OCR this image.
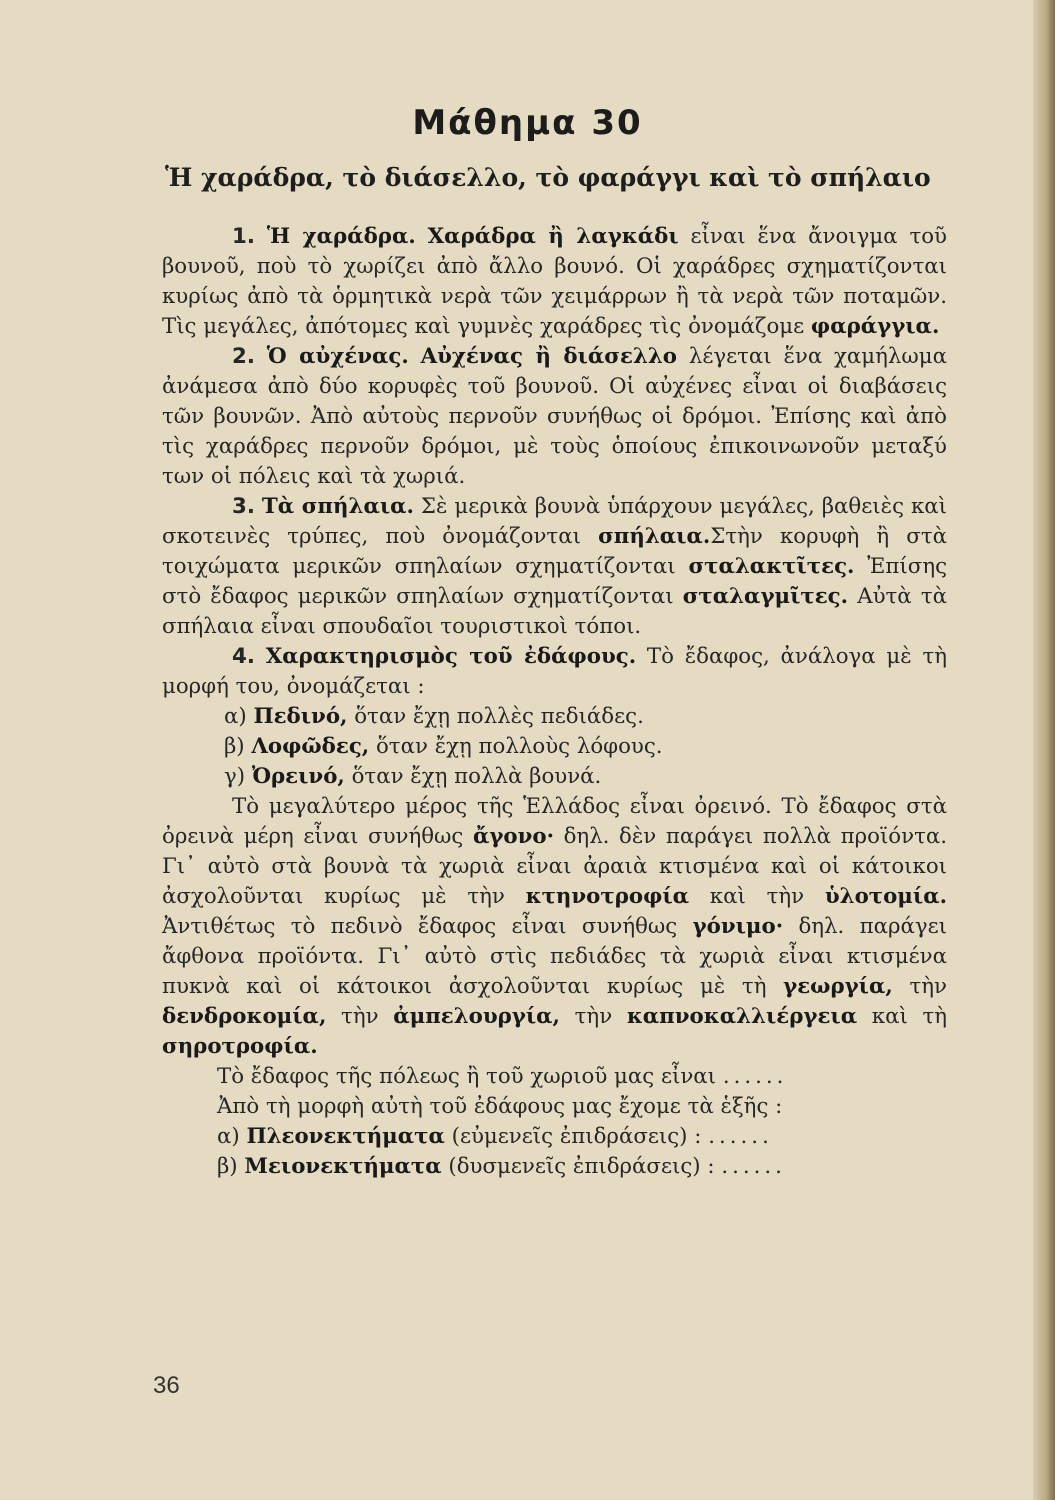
Μάθημα 30
Ἡ χαράδρα, τὸ διάσελλο, τὸ φαράγγι καὶ τὸ σπήλαιο

1. Ἡ χαράδρα. Χαράδρα ἢ λαγκάδι εἶναι ἕνα ἄνοιγμα τοῦ βουνοῦ, ποὺ τὸ χωρίζει ἀπὸ ἄλλο βουνό. Οἱ χαράδρες σχηματίζονται κυρίως ἀπὸ τὰ ὁρμητικὰ νερὰ τῶν χειμάρρων ἢ τὰ νερὰ τῶν ποταμῶν. Τὶς μεγάλες, ἀπότομες καὶ γυμνὲς χαράδρες τὶς ὀνομάζομε φαράγγια.

2. Ὁ αὐχένας. Αὐχένας ἢ διάσελλο λέγεται ἕνα χαμήλωμα ἀνάμεσα ἀπὸ δύο κορυφὲς τοῦ βουνοῦ. Οἱ αὐχένες εἶναι οἱ διαβάσεις τῶν βουνῶν. Ἀπὸ αὐτοὺς περνοῦν συνήθως οἱ δρόμοι. Ἐπίσης καὶ ἀπὸ τὶς χαράδρες περνοῦν δρόμοι, μὲ τοὺς ὁποίους ἐπικοινωνοῦν μεταξύ των οἱ πόλεις καὶ τὰ χωριά.

3. Τὰ σπήλαια. Σὲ μερικὰ βουνὰ ὑπάρχουν μεγάλες, βαθειὲς καὶ σκοτεινὲς τρύπες, ποὺ ὀνομάζονται σπήλαια.Στὴν κορυφὴ ἢ στὰ τοιχώματα μερικῶν σπηλαίων σχηματίζονται σταλακτῖτες. Ἐπίσης στὸ ἔδαφος μερικῶν σπηλαίων σχηματίζονται σταλαγμῖτες. Αὐτὰ τὰ σπήλαια εἶναι σπουδαῖοι τουριστικοὶ τόποι.

4. Χαρακτηρισμὸς τοῦ ἐδάφους. Τὸ ἔδαφος, ἀνάλογα μὲ τὴ μορφή του, ὀνομάζεται :

α) Πεδινό, ὅταν ἔχῃ πολλὲς πεδιάδες.

β) Λοφῶδες, ὅταν ἔχῃ πολλοὺς λόφους.

γ) Ὀρεινό, ὅταν ἔχῃ πολλὰ βουνά.

Τὸ μεγαλύτερο μέρος τῆς Ἑλλάδος εἶναι ὀρεινό. Τὸ ἔδαφος στὰ ὀρεινὰ μέρη εἶναι συνήθως ἄγονο· δηλ. δὲν παράγει πολλὰ προϊόντα. Γι᾿ αὐτὸ στὰ βουνὰ τὰ χωριὰ εἶναι ἀραιὰ κτισμένα καὶ οἱ κάτοικοι ἀσχολοῦνται κυρίως μὲ τὴν κτηνοτροφία καὶ τὴν ὑλοτομία. Ἀντιθέτως τὸ πεδινὸ ἔδαφος εἶναι συνήθως γόνιμο· δηλ. παράγει ἄφθονα προϊόντα. Γι᾿ αὐτὸ στὶς πεδιάδες τὰ χωριὰ εἶναι κτισμένα πυκνὰ καὶ οἱ κάτοικοι ἀσχολοῦνται κυρίως μὲ τὴ γεωργία, τὴν δενδροκομία, τὴν ἀμπελουργία, τὴν καπνοκαλλιέργεια καὶ τὴ σηροτροφία.

Τὸ ἔδαφος τῆς πόλεως ἢ τοῦ χωριοῦ μας εἶναι ......

Ἀπὸ τὴ μορφὴ αὐτὴ τοῦ ἐδάφους μας ἔχομε τὰ ἑξῆς :

α) Πλεονεκτήματα (εὐμενεῖς ἐπιδράσεις) : ......

β) Μειονεκτήματα (δυσμενεῖς ἐπιδράσεις) : ......

36
